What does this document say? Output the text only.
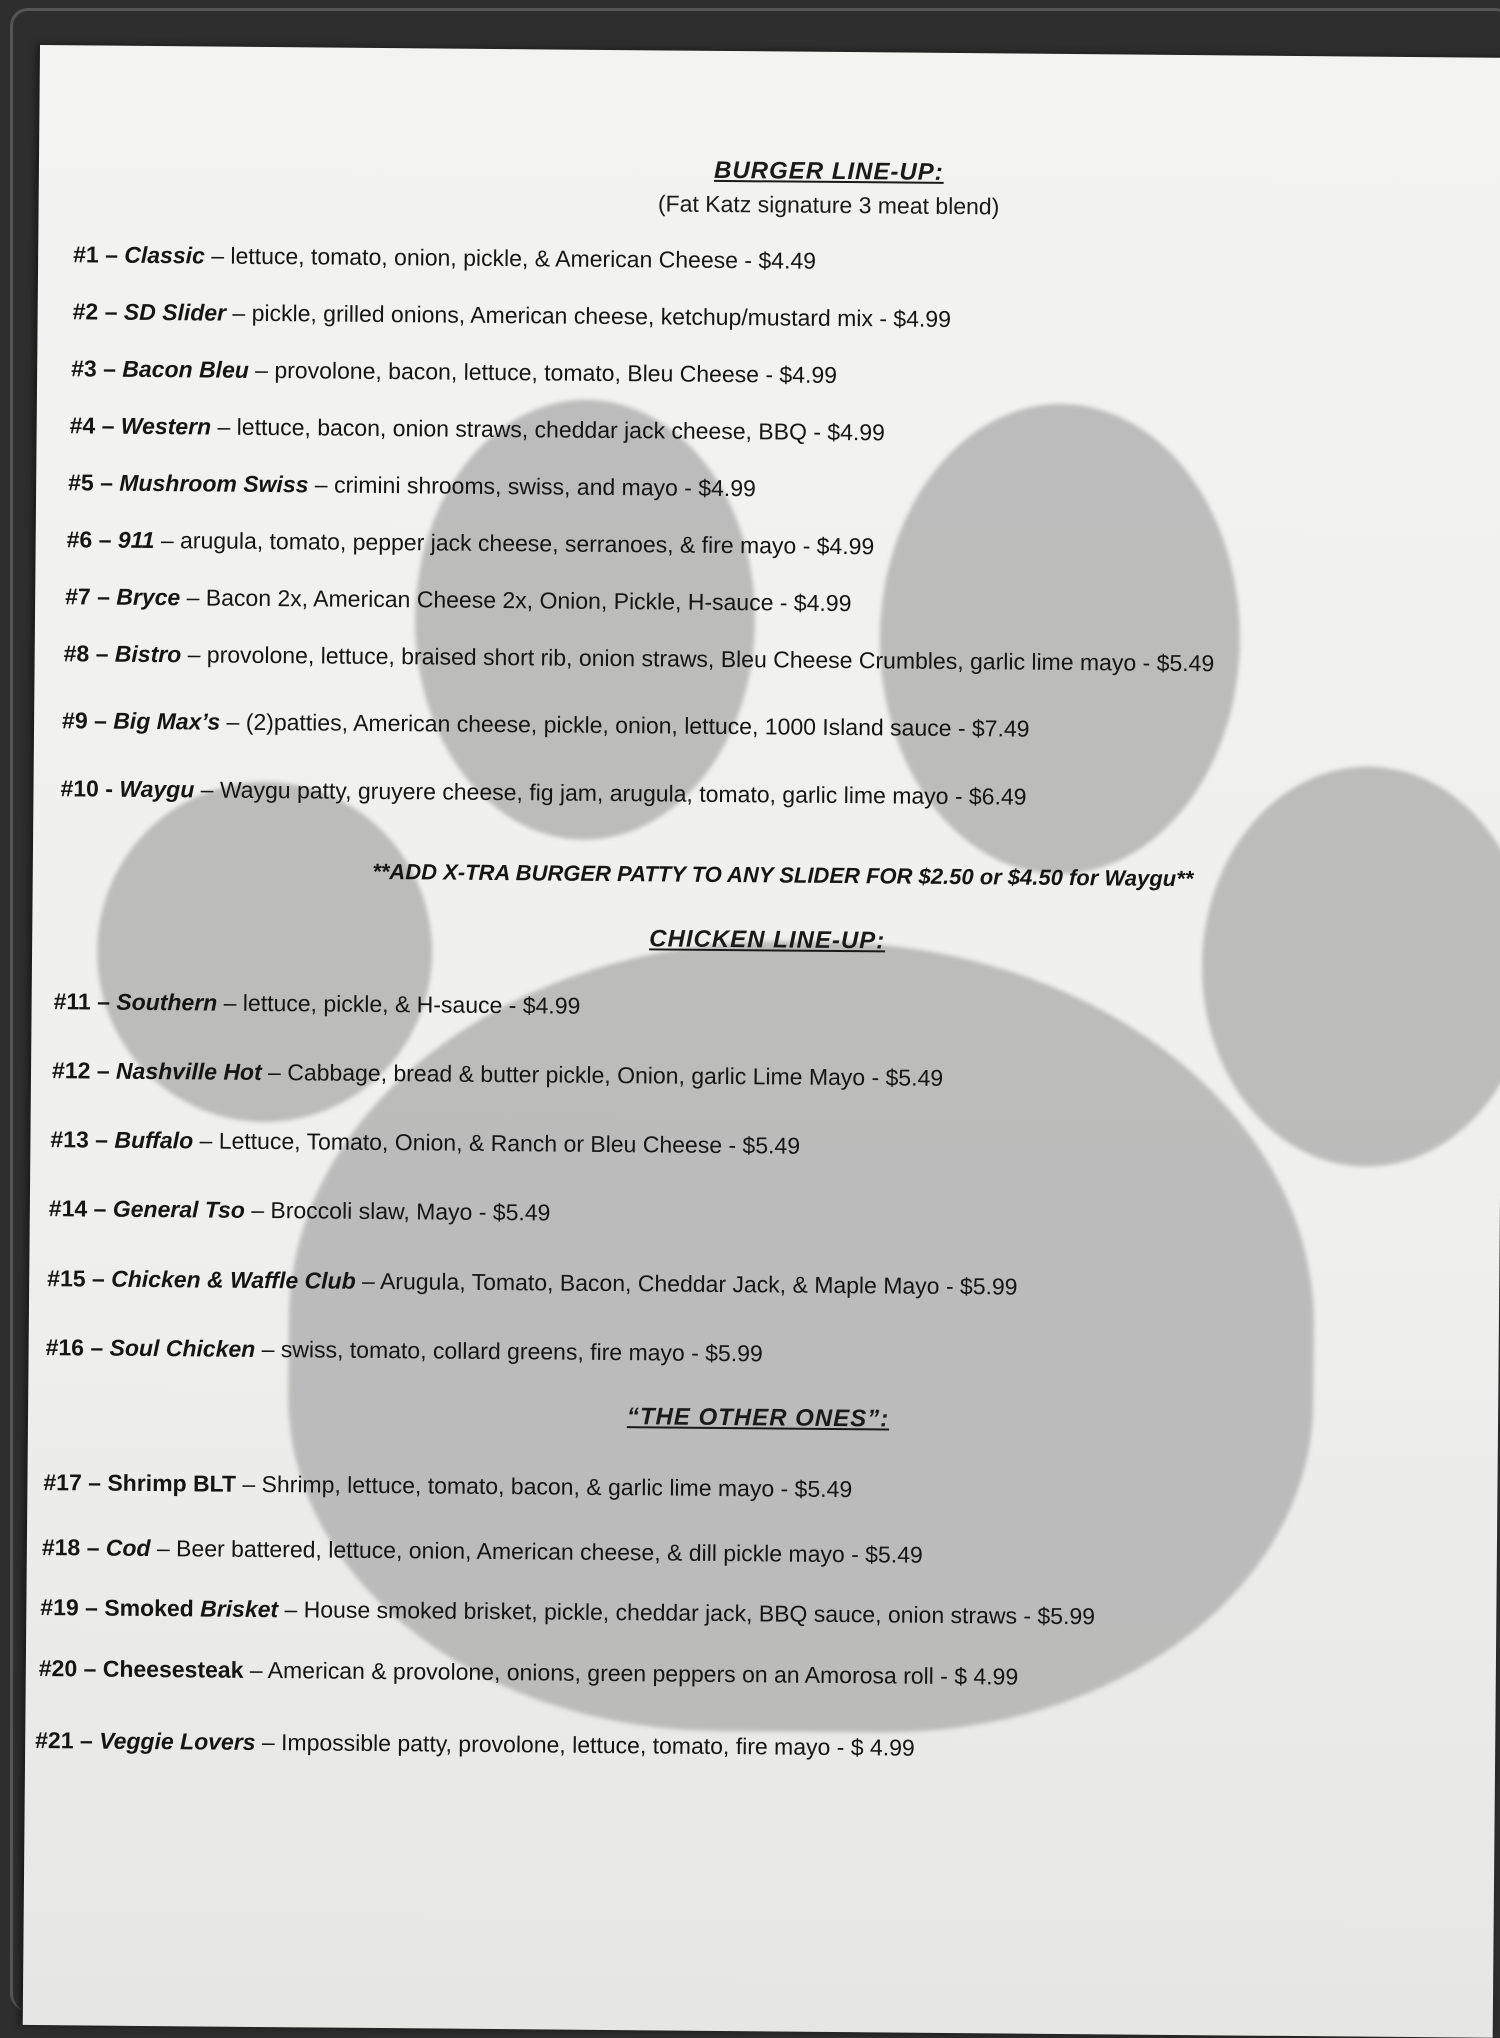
BURGER LINE-UP:
(Fat Katz signature 3 meat blend)
#1 – Classic – lettuce, tomato, onion, pickle, & American Cheese - $4.49
#2 – SD Slider – pickle, grilled onions, American cheese, ketchup/mustard mix - $4.99
#3 – Bacon Bleu – provolone, bacon, lettuce, tomato, Bleu Cheese - $4.99
#4 – Western – lettuce, bacon, onion straws, cheddar jack cheese, BBQ - $4.99
#5 – Mushroom Swiss – crimini shrooms, swiss, and mayo - $4.99
#6 – 911 – arugula, tomato, pepper jack cheese, serranoes, & fire mayo - $4.99
#7 – Bryce – Bacon 2x, American Cheese 2x, Onion, Pickle, H-sauce - $4.99
#8 – Bistro – provolone, lettuce, braised short rib, onion straws, Bleu Cheese Crumbles, garlic lime mayo - $5.49
#9 – Big Max’s – (2)patties, American cheese, pickle, onion, lettuce, 1000 Island sauce - $7.49
#10 - Waygu – Waygu patty, gruyere cheese, fig jam, arugula, tomato, garlic lime mayo - $6.49
**ADD X-TRA BURGER PATTY TO ANY SLIDER FOR $2.50 or $4.50 for Waygu**
CHICKEN LINE-UP:
#11 – Southern – lettuce, pickle, & H-sauce - $4.99
#12 – Nashville Hot – Cabbage, bread & butter pickle, Onion, garlic Lime Mayo - $5.49
#13 – Buffalo – Lettuce, Tomato, Onion, & Ranch or Bleu Cheese - $5.49
#14 – General Tso – Broccoli slaw, Mayo - $5.49
#15 – Chicken & Waffle Club – Arugula, Tomato, Bacon, Cheddar Jack, & Maple Mayo - $5.99
#16 – Soul Chicken – swiss, tomato, collard greens, fire mayo - $5.99
“THE OTHER ONES”:
#17 – Shrimp BLT – Shrimp, lettuce, tomato, bacon, & garlic lime mayo - $5.49
#18 – Cod – Beer battered, lettuce, onion, American cheese, & dill pickle mayo - $5.49
#19 – Smoked Brisket – House smoked brisket, pickle, cheddar jack, BBQ sauce, onion straws - $5.99
#20 – Cheesesteak – American & provolone, onions, green peppers on an Amorosa roll - $ 4.99
#21 – Veggie Lovers – Impossible patty, provolone, lettuce, tomato, fire mayo - $ 4.99
